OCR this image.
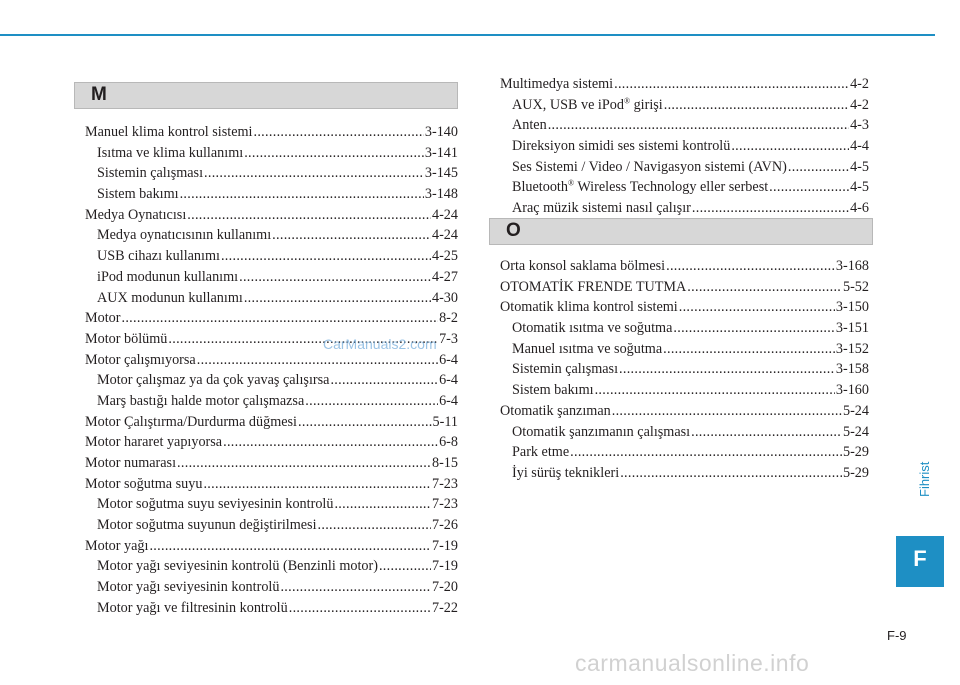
M
Manuel klima kontrol sistemi .....	3-140
Isıtma ve klima kullanımı .....	3-141
Sistemin çalışması .....	3-145
Sistem bakımı .....	3-148
Medya Oynatıcısı .....	4-24
Medya oynatıcısının kullanımı .....	4-24
USB cihazı kullanımı .....	4-25
iPod modunun kullanımı .....	4-27
AUX modunun kullanımı .....	4-30
Motor .....	8-2
Motor bölümü .....	7-3
Motor çalışmıyorsa .....	6-4
Motor çalışmaz ya da çok yavaş çalışırsa .....	6-4
Marş bastığı halde motor çalışmazsa .....	6-4
Motor Çalıştırma/Durdurma düğmesi .....	5-11
Motor hararet yapıyorsa .....	6-8
Motor numarası .....	8-15
Motor soğutma suyu .....	7-23
Motor soğutma suyu seviyesinin kontrolü .....	7-23
Motor soğutma suyunun değiştirilmesi .....	7-26
Motor yağı .....	7-19
Motor yağı seviyesinin kontrolü (Benzinli motor) .....	7-19
Motor yağı seviyesinin kontrolü .....	7-20
Motor yağı ve filtresinin kontrolü .....	7-22
Multimedya sistemi .....	4-2
AUX, USB ve iPod® girişi .....	4-2
Anten .....	4-3
Direksiyon simidi ses sistemi kontrolü .....	4-4
Ses Sistemi / Video / Navigasyon sistemi (AVN) .....	4-5
Bluetooth® Wireless Technology eller serbest .....	4-5
Araç müzik sistemi nasıl çalışır .....	4-6
O
Orta konsol saklama bölmesi .....	3-168
OTOMATİK FRENDE TUTMA .....	5-52
Otomatik klima kontrol sistemi .....	3-150
Otomatik ısıtma ve soğutma .....	3-151
Manuel ısıtma ve soğutma .....	3-152
Sistemin çalışması .....	3-158
Sistem bakımı .....	3-160
Otomatik şanzıman .....	5-24
Otomatik şanzımanın çalışması .....	5-24
Park etme .....	5-29
İyi sürüş teknikleri .....	5-29	Fihrist
F
F-9
CarManuals2.com
carmanualsonline.info
